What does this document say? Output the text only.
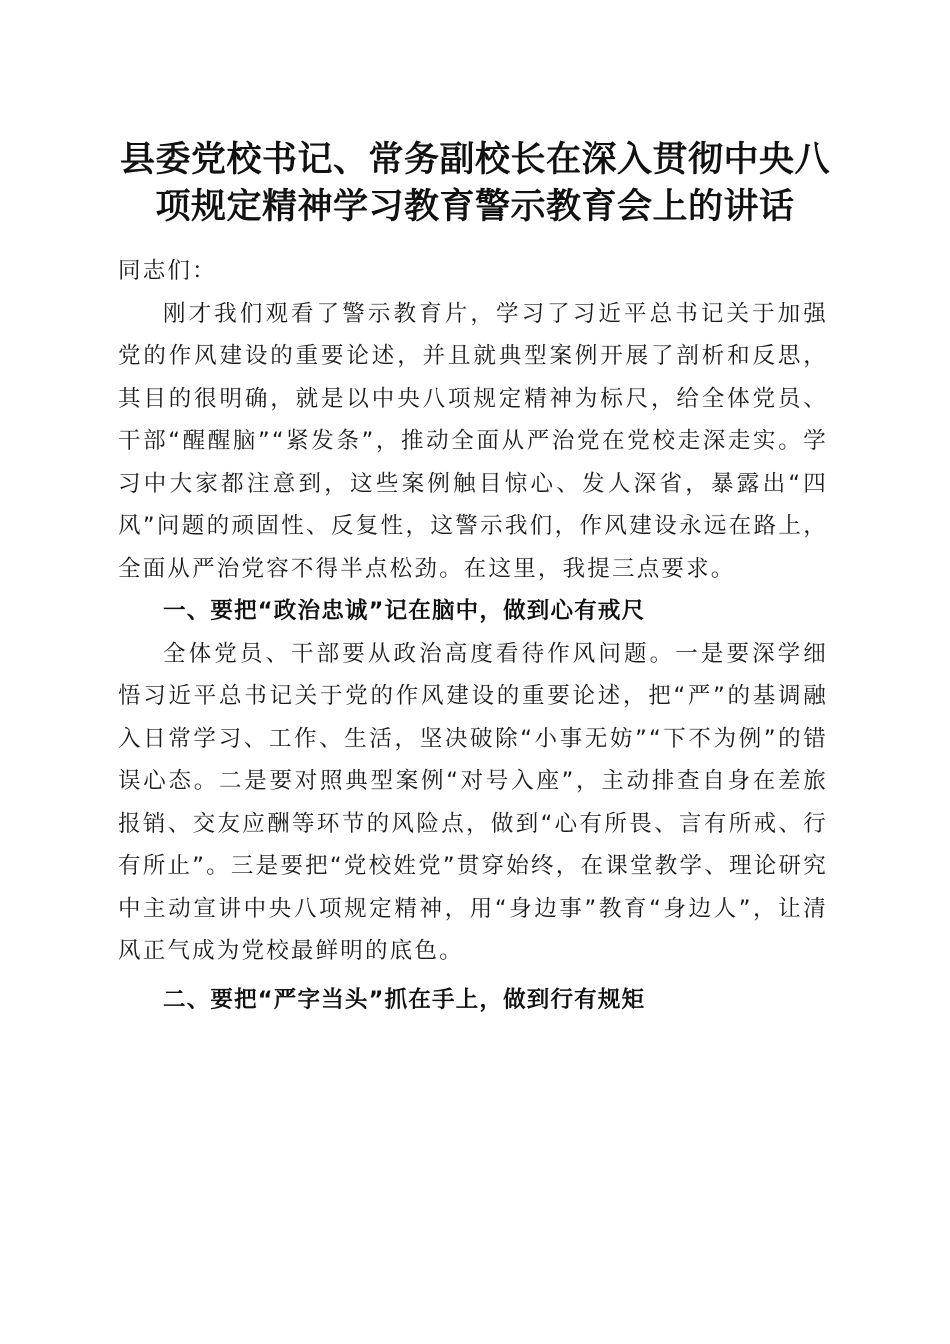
县委党校书记、常务副校长在深入贯彻中央八
项规定精神学习教育警示教育会上的讲话

同志们：

刚才我们观看了警示教育片，学习了习近平总书记关于加强党的作风建设的重要论述，并且就典型案例开展了剖析和反思，其目的很明确，就是以中央八项规定精神为标尺，给全体党员、干部“醒醒脑”“紧发条”，推动全面从严治党在党校走深走实。学习中大家都注意到，这些案例触目惊心、发人深省，暴露出“四风”问题的顽固性、反复性，这警示我们，作风建设永远在路上，全面从严治党容不得半点松劲。在这里，我提三点要求。

一、要把“政治忠诚”记在脑中，做到心有戒尺

全体党员、干部要从政治高度看待作风问题。一是要深学细悟习近平总书记关于党的作风建设的重要论述，把“严”的基调融入日常学习、工作、生活，坚决破除“小事无妨”“下不为例”的错误心态。二是要对照典型案例“对号入座”，主动排查自身在差旅报销、交友应酬等环节的风险点，做到“心有所畏、言有所戒、行有所止”。三是要把“党校姓党”贯穿始终，在课堂教学、理论研究中主动宣讲中央八项规定精神，用“身边事”教育“身边人”，让清风正气成为党校最鲜明的底色。

二、要把“严字当头”抓在手上，做到行有规矩
